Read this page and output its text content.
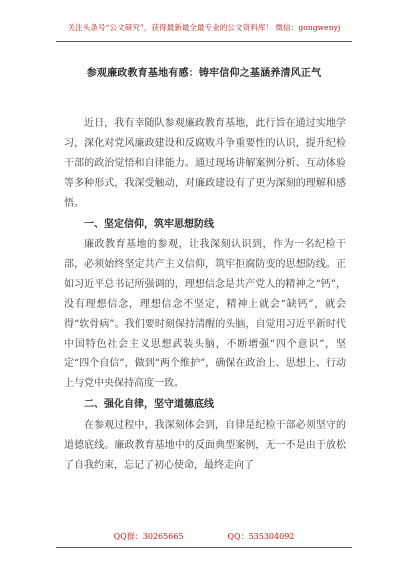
关注头条号“公文研究”，获得最新最全最专业的公文资料库！ 微信：gongwenyj
参观廉政教育基地有感：铸牢信仰之基涵养清风正气

近日，我有幸随队参观廉政教育基地，此行旨在通过实地学习，深化对党风廉政建设和反腐败斗争重要性的认识，提升纪检干部的政治觉悟和自律能力。通过现场讲解案例分析、互动体验等多种形式，我深受触动，对廉政建设有了更为深刻的理解和感悟。

一、坚定信仰，筑牢思想防线

廉政教育基地的参观，让我深刻认识到，作为一名纪检干部，必须始终坚定共产主义信仰，筑牢拒腐防变的思想防线。正如习近平总书记所强调的，理想信念是共产党人的精神之“钙”，没有理想信念，理想信念不坚定，精神上就会“缺钙”，就会得“软骨病”。我们要时刻保持清醒的头脑，自觉用习近平新时代中国特色社会主义思想武装头脑，不断增强“四个意识”，坚定“四个自信”，做到“两个维护”，确保在政治上、思想上、行动上与党中央保持高度一致。

二、强化自律，坚守道德底线

在参观过程中，我深刻体会到，自律是纪检干部必须坚守的道德底线。廉政教育基地中的反面典型案例，无一不是由于放松了自我约束，忘记了初心使命，最终走向了

QQ群：30265665	QQ：535304092
